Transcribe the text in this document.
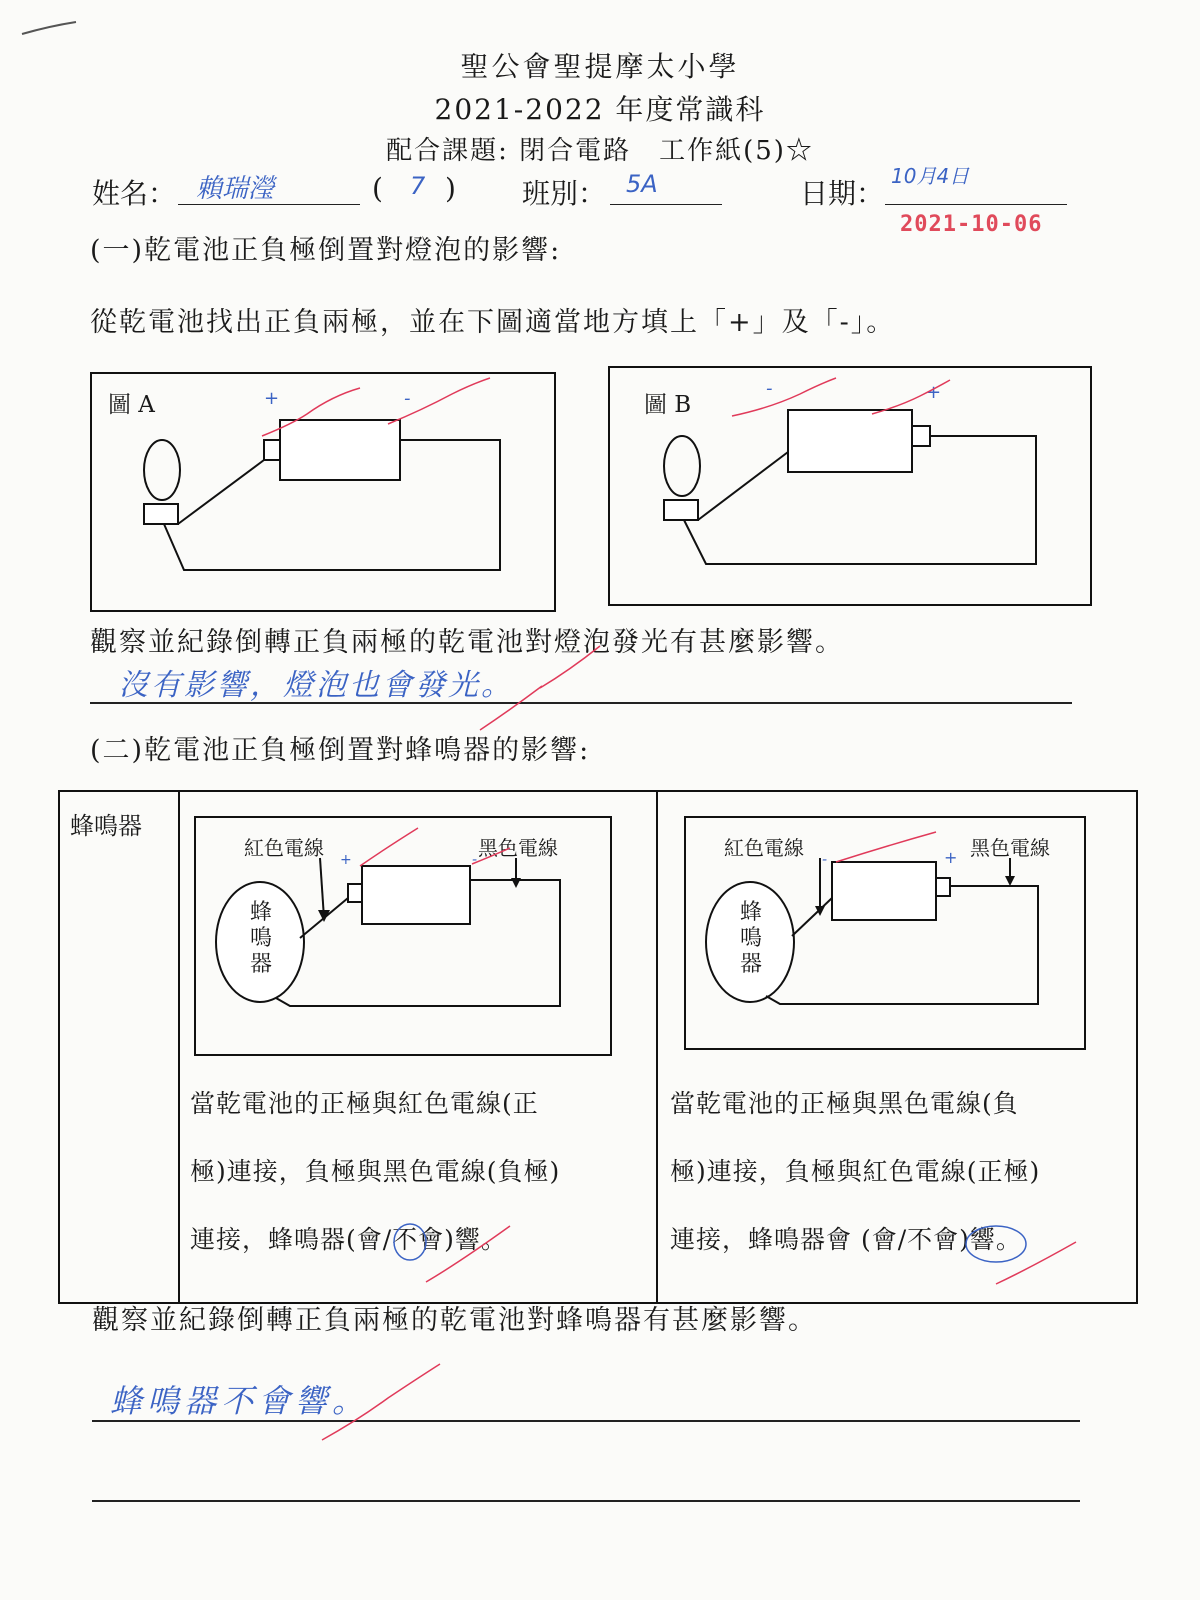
聖公會聖提摩太小學
2021-2022 年度常識科
配合課題: 閉合電路　工作紙(5)☆
姓名： 賴瑞瀅	( 7 ) 班別： 5A	日期：
10月4日
2021-10-06
(一)乾電池正負極倒置對燈泡的影響:
從乾電池找出正負兩極，並在下圖適當地方填上「+」及「-」。
圖 A	+	-	圖 B
-	+
觀察並紀錄倒轉正負兩極的乾電池對燈泡發光有甚麼影響。
沒有影響，燈泡也會發光。
(二)乾電池正負極倒置對蜂鳴器的影響:
蜂鳴器
紅色電線	黑色電線
蜂鳴器
+	-
當乾電池的正極與紅色電線(正
極)連接，負極與黑色電線(負極)
連接，蜂鳴器(會/不會)響。
紅色電線	黑色電線
蜂鳴器
-	+
當乾電池的正極與黑色電線(負
極)連接，負極與紅色電線(正極)
連接，蜂鳴器會 (會/不會)響。
觀察並紀錄倒轉正負兩極的乾電池對蜂鳴器有甚麼影響。
蜂鳴器不會響。
